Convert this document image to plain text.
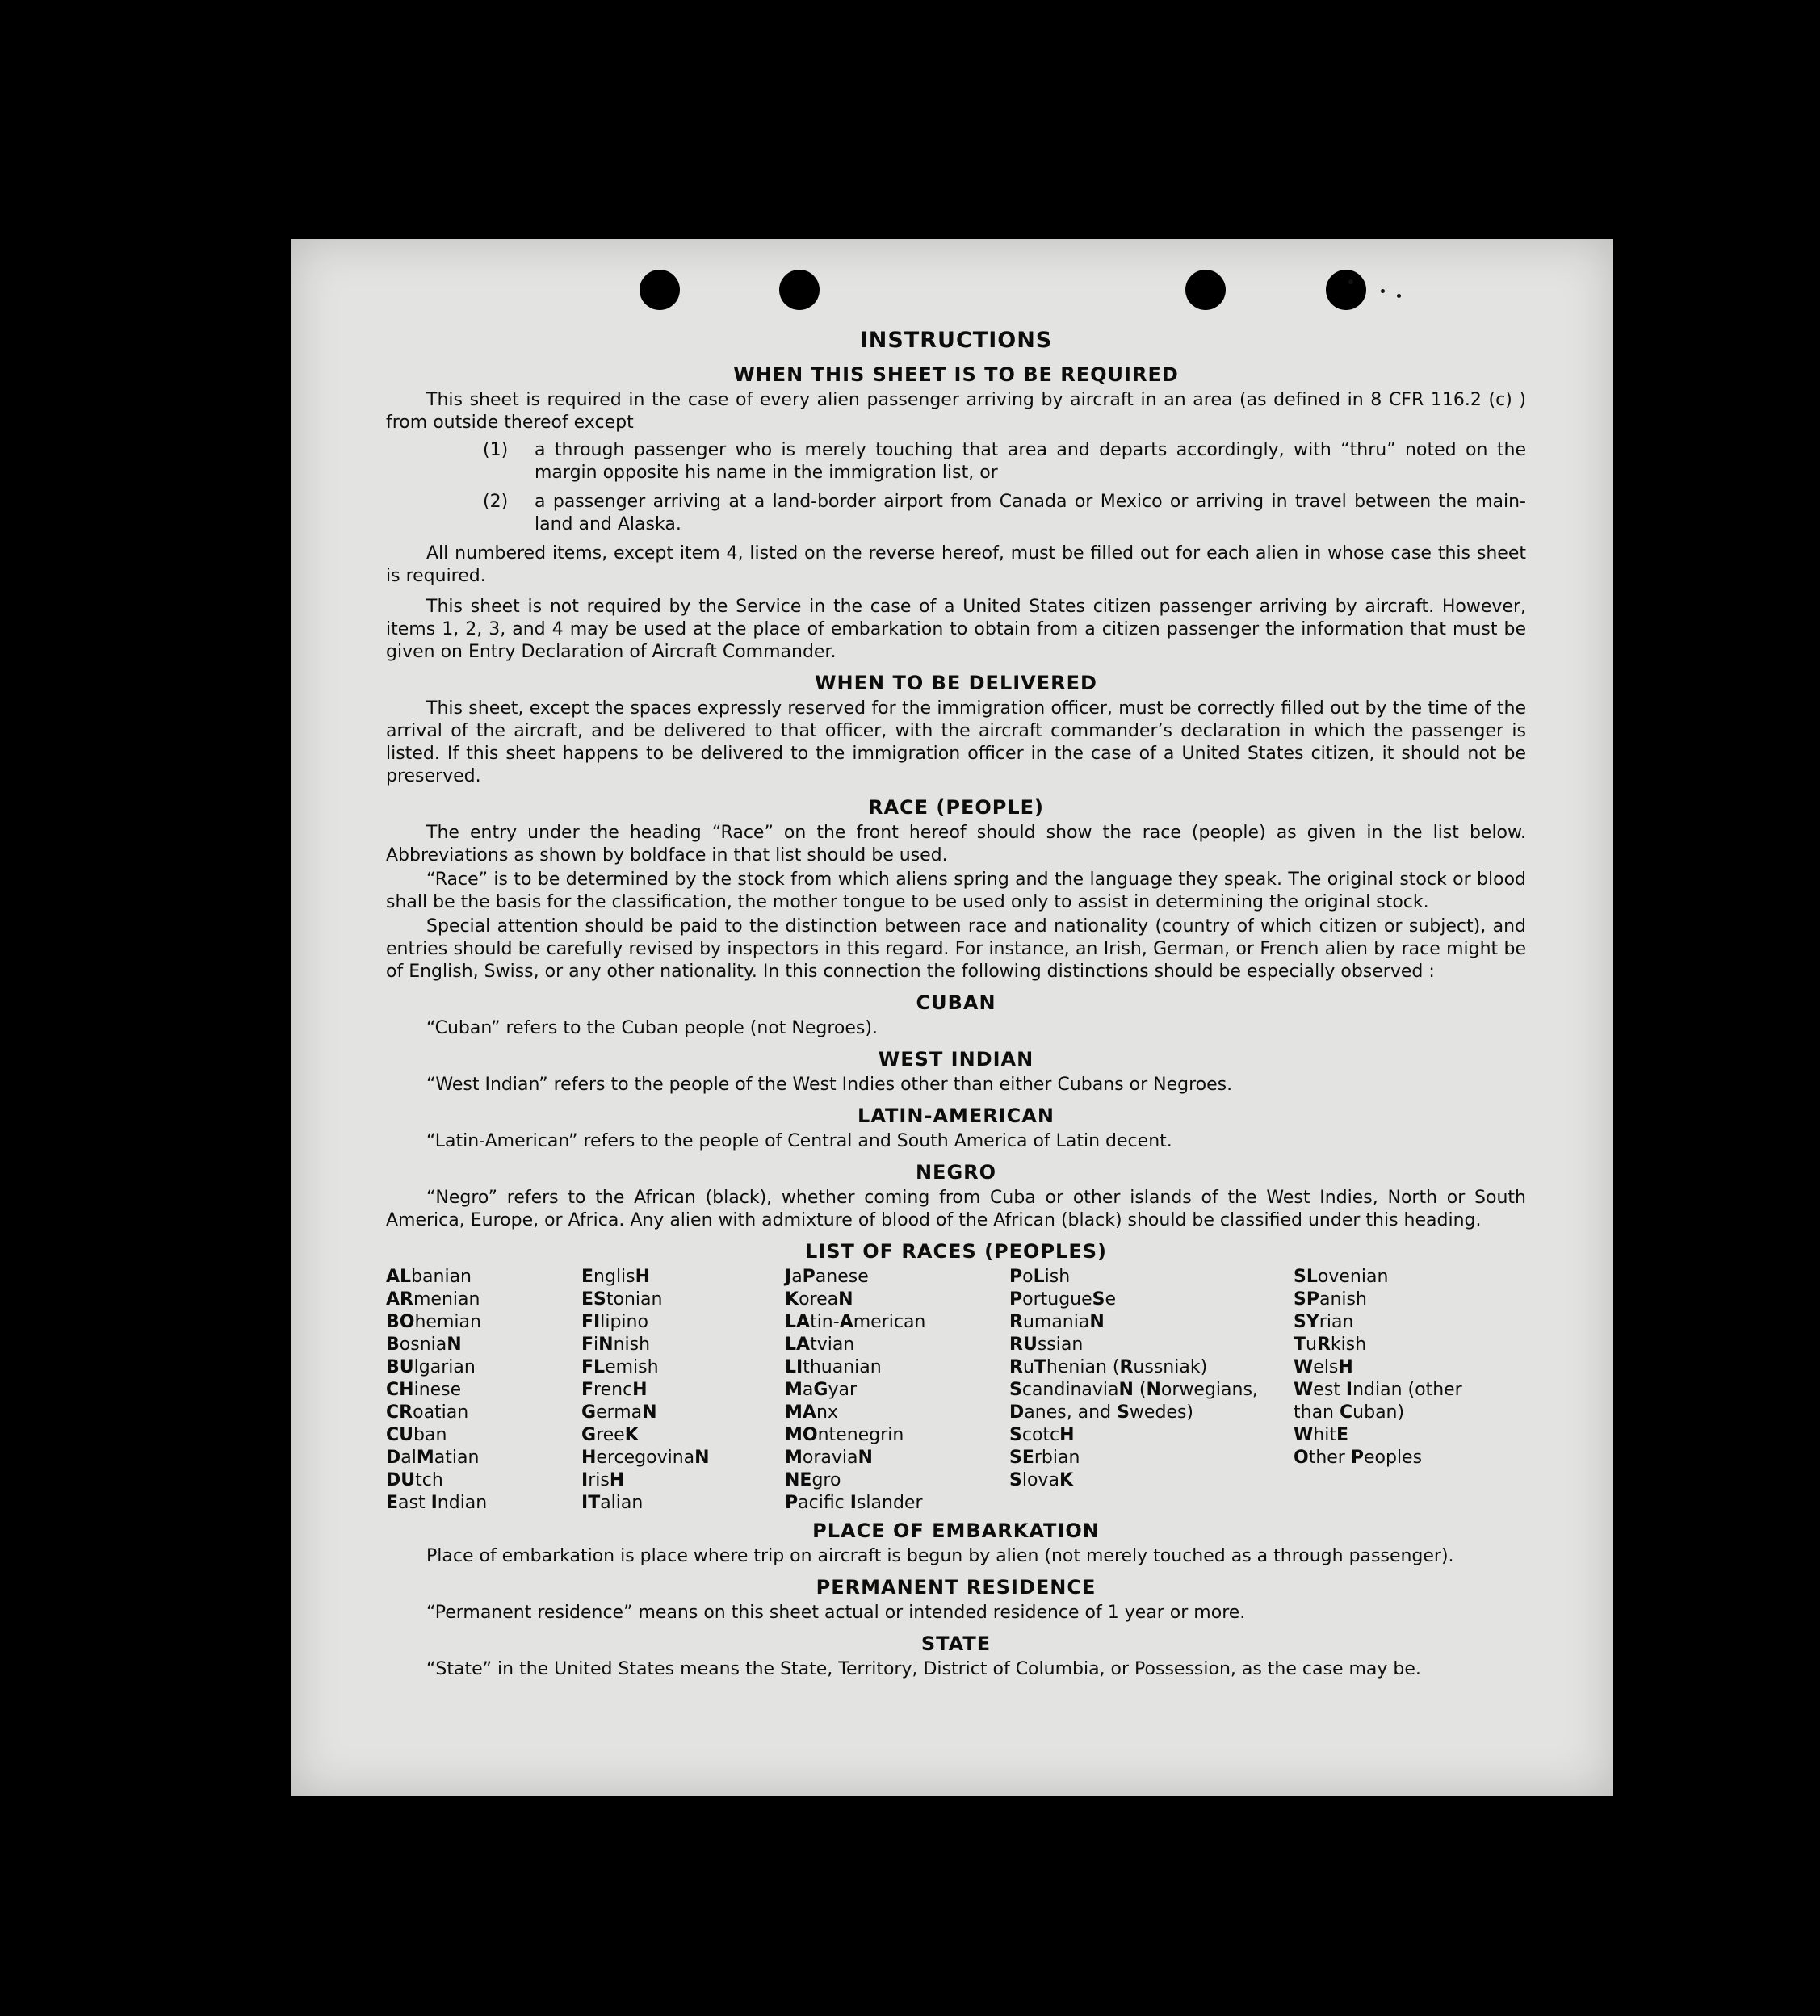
INSTRUCTIONS
WHEN THIS SHEET IS TO BE REQUIRED

This sheet is required in the case of every alien passenger arriving by aircraft in an area (as defined in 8 CFR 116.2 (c) ) from outside thereof except

(1)	a through passenger who is merely touching that area and departs accordingly, with “thru” noted on the margin opposite his name in the immigration list, or
(2)	a passenger arriving at a land-border airport from Canada or Mexico or arriving in travel between the main-land and Alaska.

All numbered items, except item 4, listed on the reverse hereof, must be filled out for each alien in whose case this sheet is required.

This sheet is not required by the Service in the case of a United States citizen passenger arriving by aircraft. However, items 1, 2, 3, and 4 may be used at the place of embarkation to obtain from a citizen passenger the information that must be given on Entry Declaration of Aircraft Commander.

WHEN TO BE DELIVERED

This sheet, except the spaces expressly reserved for the immigration officer, must be correctly filled out by the time of the arrival of the aircraft, and be delivered to that officer, with the aircraft commander’s declaration in which the passenger is listed. If this sheet happens to be delivered to the immigration officer in the case of a United States citizen, it should not be preserved.

RACE (PEOPLE)

The entry under the heading “Race” on the front hereof should show the race (people) as given in the list below. Abbreviations as shown by boldface in that list should be used.

“Race” is to be determined by the stock from which aliens spring and the language they speak. The original stock or blood shall be the basis for the classification, the mother tongue to be used only to assist in determining the original stock.

Special attention should be paid to the distinction between race and nationality (country of which citizen or subject), and entries should be carefully revised by inspectors in this regard. For instance, an Irish, German, or French alien by race might be of English, Swiss, or any other nationality. In this connection the following distinctions should be especially observed :

CUBAN

“Cuban” refers to the Cuban people (not Negroes).

WEST INDIAN

“West Indian” refers to the people of the West Indies other than either Cubans or Negroes.

LATIN-AMERICAN

“Latin-American” refers to the people of Central and South America of Latin decent.

NEGRO

“Negro” refers to the African (black), whether coming from Cuba or other islands of the West Indies, North or South America, Europe, or Africa. Any alien with admixture of blood of the African (black) should be classified under this heading.

LIST OF RACES (PEOPLES)
ALbanian
ARmenian
BOhemian
BosniaN
BUlgarian
CHinese
CRoatian
CUban
DalMatian
DUtch
East Indian
EnglisH
EStonian
FIlipino
FiNnish
FLemish
FrencH
GermaN
GreeK
HercegovinaN
IrisH
ITalian
JaPanese
KoreaN
LAtin-American
LAtvian
LIthuanian
MaGyar
MAnx
MOntenegrin
MoraviaN
NEgro
Pacific Islander
PoLish
PortugueSe
RumaniaN
RUssian
RuThenian (Russniak)
ScandinaviaN (Norwegians, Danes, and Swedes)
ScotcH
SErbian
SlovaK
SLovenian
SPanish
SYrian
TuRkish
WelsH
West Indian (other than Cuban)
WhitE
Other Peoples
PLACE OF EMBARKATION

Place of embarkation is place where trip on aircraft is begun by alien (not merely touched as a through passenger).

PERMANENT RESIDENCE

“Permanent residence” means on this sheet actual or intended residence of 1 year or more.

STATE

“State” in the United States means the State, Territory, District of Columbia, or Possession, as the case may be.
